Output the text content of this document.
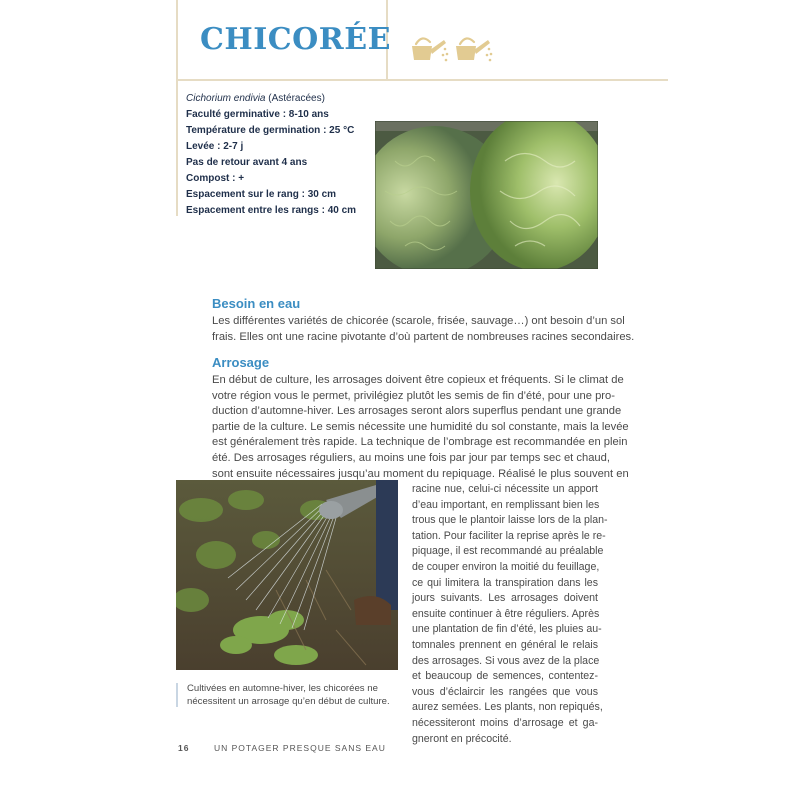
CHICORÉE
Cichorium endivia (Astéracées)
Faculté germinative : 8-10 ans
Température de germination : 25 °C
Levée : 2-7 j
Pas de retour avant 4 ans
Compost : +
Espacement sur le rang : 30 cm
Espacement entre les rangs : 40 cm
Besoin en eau
Les différentes variétés de chicorée (scarole, frisée, sauvage…) ont besoin d’un sol
frais. Elles ont une racine pivotante d’où partent de nombreuses racines secondaires.
Arrosage
En début de culture, les arrosages doivent être copieux et fréquents. Si le climat de
votre région vous le permet, privilégiez plutôt les semis de fin d’été, pour une pro-
duction d’automne-hiver. Les arrosages seront alors superflus pendant une grande
partie de la culture. Le semis nécessite une humidité du sol constante, mais la levée
est généralement très rapide. La technique de l’ombrage est recommandée en plein
été. Des arrosages réguliers, au moins une fois par jour par temps sec et chaud,
sont ensuite nécessaires jusqu’au moment du repiquage. Réalisé le plus souvent en
racine nue, celui-ci nécessite un apport
d’eau important, en remplissant bien les
trous que le plantoir laisse lors de la plan-
tation. Pour faciliter la reprise après le re-
piquage, il est recommandé au préalable
de couper environ la moitié du feuillage,
ce qui limitera la transpiration dans les
jours suivants. Les arrosages doivent
ensuite continuer à être réguliers. Après
une plantation de fin d’été, les pluies au-
tomnales prennent en général le relais
des arrosages. Si vous avez de la place
et beaucoup de semences, contentez-
vous d’éclaircir les rangées que vous
aurez semées. Les plants, non repiqués,
nécessiteront moins d’arrosage et ga-
gneront en précocité.
Cultivées en automne-hiver, les chicorées ne
nécessitent un arrosage qu’en début de culture.
16	UN POTAGER PRESQUE SANS EAU
